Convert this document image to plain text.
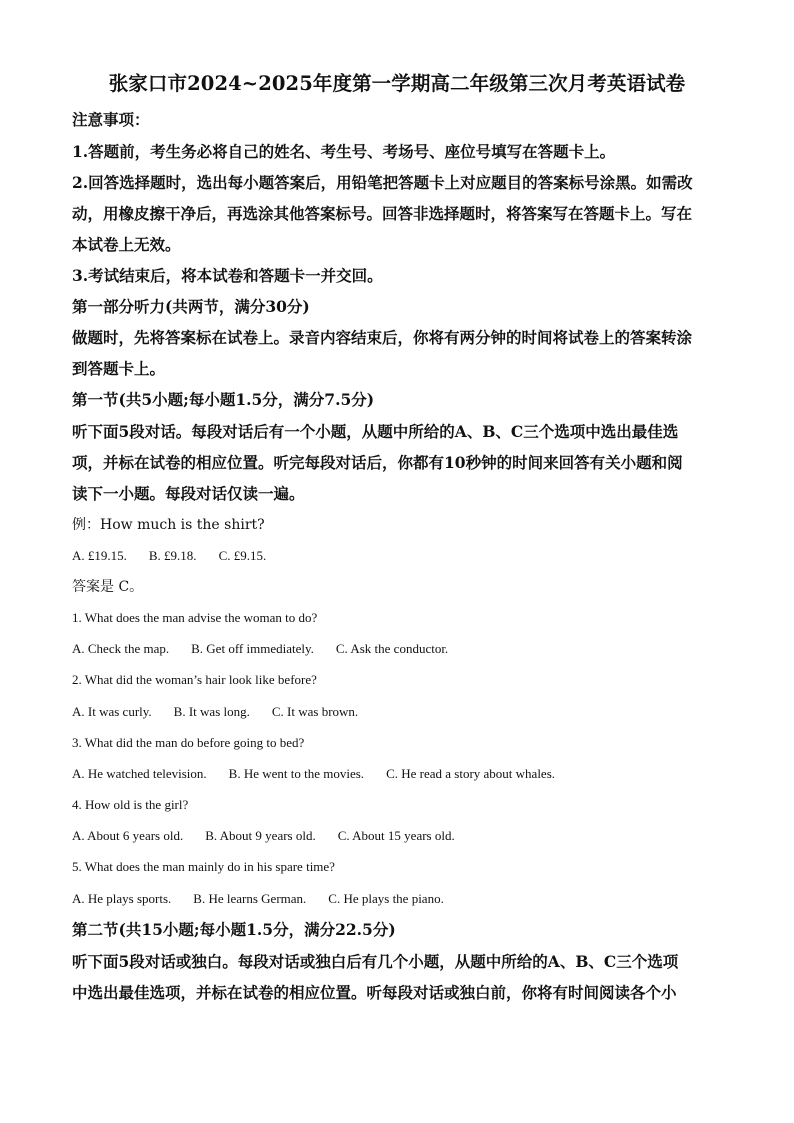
张家口市2024~2025年度第一学期高二年级第三次月考英语试卷
注意事项：
1.答题前，考生务必将自己的姓名、考生号、考场号、座位号填写在答题卡上。
2.回答选择题时，选出每小题答案后，用铅笔把答题卡上对应题目的答案标号涂黑。如需改
动，用橡皮擦干净后，再选涂其他答案标号。回答非选择题时，将答案写在答题卡上。写在
本试卷上无效。
3.考试结束后，将本试卷和答题卡一并交回。
第一部分听力(共两节，满分30分)
做题时，先将答案标在试卷上。录音内容结束后，你将有两分钟的时间将试卷上的答案转涂
到答题卡上。
第一节(共5小题;每小题1.5分，满分7.5分)
听下面5段对话。每段对话后有一个小题，从题中所给的A、B、C三个选项中选出最佳选
项，并标在试卷的相应位置。听完每段对话后，你都有10秒钟的时间来回答有关小题和阅
读下一小题。每段对话仅读一遍。
例：How much is the shirt?
A. £19.15. B. £9.18. C. £9.15.
答案是 C。
1. What does the man advise the woman to do?
A. Check the map. B. Get off immediately. C. Ask the conductor.
2. What did the woman’s hair look like before?
A. It was curly. B. It was long. C. It was brown.
3. What did the man do before going to bed?
A. He watched television. B. He went to the movies. C. He read a story about whales.
4. How old is the girl?
A. About 6 years old. B. About 9 years old. C. About 15 years old.
5. What does the man mainly do in his spare time?
A. He plays sports. B. He learns German. C. He plays the piano.
第二节(共15小题;每小题1.5分，满分22.5分)
听下面5段对话或独白。每段对话或独白后有几个小题，从题中所给的A、B、C三个选项
中选出最佳选项，并标在试卷的相应位置。听每段对话或独白前，你将有时间阅读各个小
